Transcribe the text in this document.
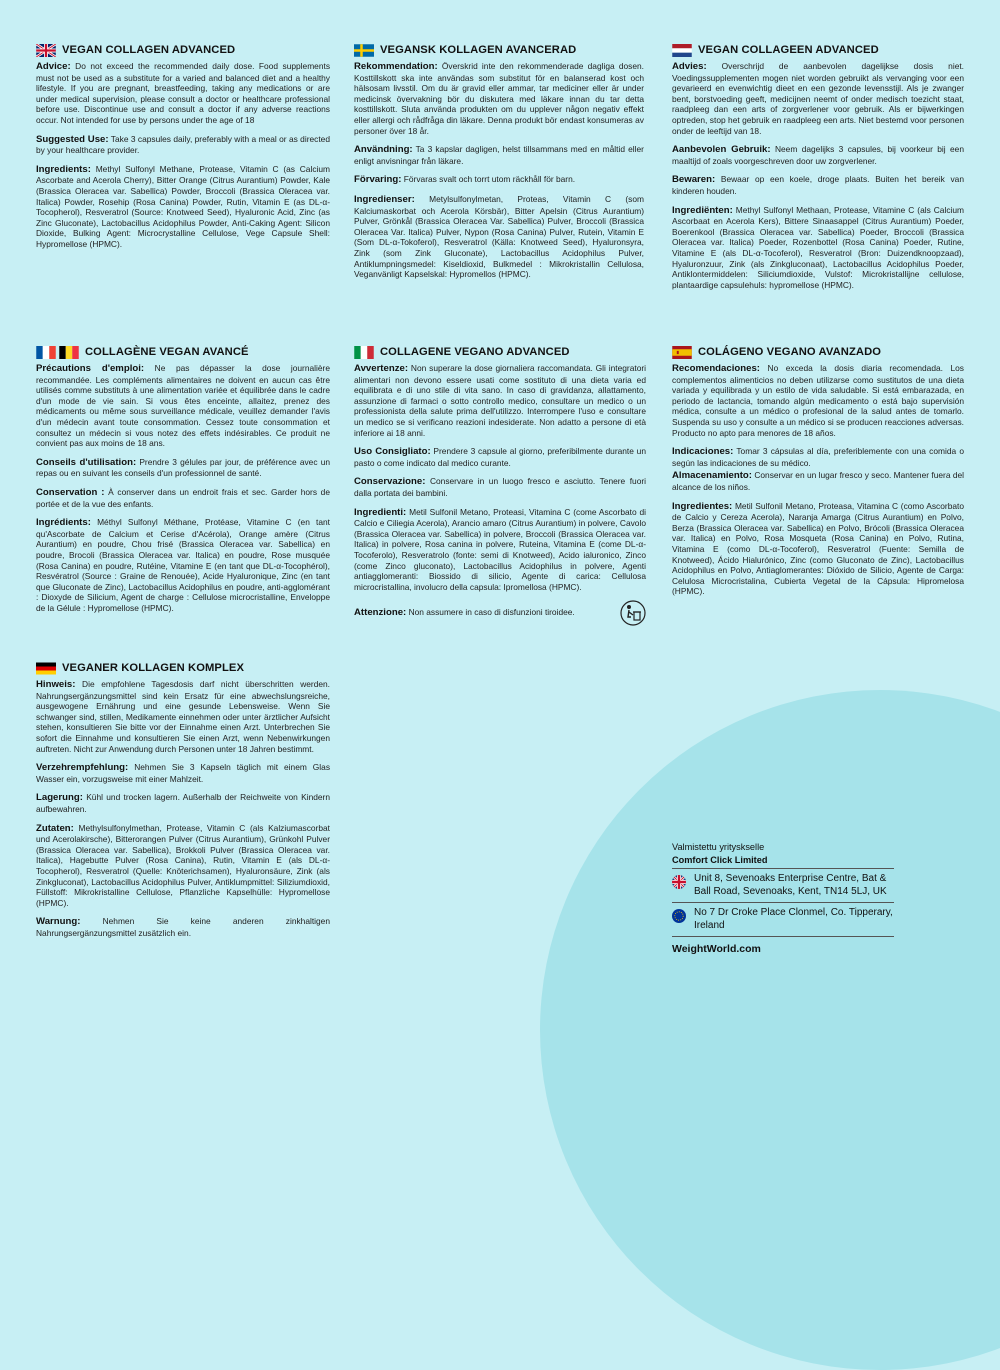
VEGAN COLLAGEN ADVANCED

Advice: Do not exceed the recommended daily dose. Food supplements must not be used as a substitute for a varied and balanced diet and a healthy lifestyle. If you are pregnant, breastfeeding, taking any medications or are under medical supervision, please consult a doctor or healthcare professional before use. Discontinue use and consult a doctor if any adverse reactions occur. Not intended for use by persons under the age of 18

Suggested Use: Take 3 capsules daily, preferably with a meal or as directed by your healthcare provider.

Ingredients: Methyl Sulfonyl Methane, Protease, Vitamin C (as Calcium Ascorbate and Acerola Cherry), Bitter Orange (Citrus Aurantium) Powder, Kale (Brassica Oleracea var. Sabellica) Powder, Broccoli (Brassica Oleracea var. Italica) Powder, Rosehip (Rosa Canina) Powder, Rutin, Vitamin E (as DL-α-Tocopherol), Resveratrol (Source: Knotweed Seed), Hyaluronic Acid, Zinc (as Zinc Gluconate), Lactobacillus Acidophilus Powder, Anti-Caking Agent: Silicon Dioxide, Bulking Agent: Microcrystalline Cellulose, Vege Capsule Shell: Hypromellose (HPMC).

VEGANSK KOLLAGEN AVANCERAD

Rekommendation: Överskrid inte den rekommenderade dagliga dosen. Kosttillskott ska inte användas som substitut för en balanserad kost och hälsosam livsstil. Om du är gravid eller ammar, tar mediciner eller är under medicinsk övervakning bör du diskutera med läkare innan du tar detta kosttillskott. Sluta använda produkten om du upplever någon negativ effekt eller allergi och rådfråga din läkare. Denna produkt bör endast konsumeras av personer över 18 år.

Användning: Ta 3 kapslar dagligen, helst tillsammans med en måltid eller enligt anvisningar från läkare.

Förvaring: Förvaras svalt och torrt utom räckhåll för barn.

Ingredienser: Metylsulfonylmetan, Proteas, Vitamin C (som Kalciumaskorbat och Acerola Körsbär), Bitter Apelsin (Citrus Aurantium) Pulver, Grönkål (Brassica Oleracea Var. Sabellica) Pulver, Broccoli (Brassica Oleracea Var. Italica) Pulver, Nypon (Rosa Canina) Pulver, Rutein, Vitamin E (Som DL-α-Tokoferol), Resveratrol (Källa: Knotweed Seed), Hyaluronsyra, Zink (som Zink Gluconate), Lactobacillus Acidophilus Pulver, Antiklumpningsmedel: Kiseldioxid, Bulkmedel : Mikrokristallin Cellulosa, Veganvänligt Kapselskal: Hypromellos (HPMC).

VEGAN COLLAGEEN ADVANCED

Advies: Overschrijd de aanbevolen dagelijkse dosis niet. Voedingssupplementen mogen niet worden gebruikt als vervanging voor een gevarieerd en evenwichtig dieet en een gezonde levensstijl. Als je zwanger bent, borstvoeding geeft, medicijnen neemt of onder medisch toezicht staat, raadpleeg dan een arts of zorgverlener voor gebruik. Als er bijwerkingen optreden, stop het gebruik en raadpleeg een arts. Niet bestemd voor personen onder de leeftijd van 18.

Aanbevolen Gebruik: Neem dagelijks 3 capsules, bij voorkeur bij een maaltijd of zoals voorgeschreven door uw zorgverlener.

Bewaren: Bewaar op een koele, droge plaats. Buiten het bereik van kinderen houden.

Ingrediënten: Methyl Sulfonyl Methaan, Protease, Vitamine C (als Calcium Ascorbaat en Acerola Kers), Bittere Sinaasappel (Citrus Aurantium) Poeder, Boerenkool (Brassica Oleracea var. Sabellica) Poeder, Broccoli (Brassica Oleracea var. Italica) Poeder, Rozenbottel (Rosa Canina) Poeder, Rutine, Vitamine E (als DL-α-Tocoferol), Resveratrol (Bron: Duizendknoopzaad), Hyaluronzuur, Zink (als Zinkgluconaat), Lactobacillus Acidophilus Poeder, Antiklontermiddelen: Siliciumdioxide, Vulstof: Microkristallijne cellulose, plantaardige capsulehuls: hypromellose (HPMC).

COLLAGÈNE VEGAN AVANCÉ

Précautions d'emploi: Ne pas dépasser la dose journalière recommandée. Les compléments alimentaires ne doivent en aucun cas être utilisés comme substituts à une alimentation variée et équilibrée dans le cadre d'un mode de vie sain. Si vous êtes enceinte, allaitez, prenez des médicaments ou même sous surveillance médicale, veuillez demander l'avis d'un médecin avant toute consommation. Cessez toute consommation et consultez un médecin si vous notez des effets indésirables. Ce produit ne convient pas aux moins de 18 ans.

Conseils d'utilisation: Prendre 3 gélules par jour, de préférence avec un repas ou en suivant les conseils d'un professionnel de santé.

Conservation : À conserver dans un endroit frais et sec. Garder hors de portée et de la vue des enfants.

Ingrédients: Méthyl Sulfonyl Méthane, Protéase, Vitamine C (en tant qu'Ascorbate de Calcium et Cerise d'Acérola), Orange amère (Citrus Aurantium) en poudre, Chou frisé (Brassica Oleracea var. Sabellica) en poudre, Brocoli (Brassica Oleracea var. Italica) en poudre, Rose musquée (Rosa Canina) en poudre, Rutéine, Vitamine E (en tant que DL-α-Tocophérol), Resvératrol (Source : Graine de Renouée), Acide Hyaluronique, Zinc (en tant que Gluconate de Zinc), Lactobacillus Acidophilus en poudre, anti-agglomérant : Dioxyde de Silicium, Agent de charge : Cellulose microcristalline, Enveloppe de la Gélule : Hypromellose (HPMC).

COLLAGENE VEGANO ADVANCED

Avvertenze: Non superare la dose giornaliera raccomandata. Gli integratori alimentari non devono essere usati come sostituto di una dieta varia ed equilibrata e di uno stile di vita sano. In caso di gravidanza, allattamento, assunzione di farmaci o sotto controllo medico, consultare un medico o un professionista della salute prima dell'utilizzo. Interrompere l'uso e consultare un medico se si verificano reazioni indesiderate. Non adatto a persone di età inferiore ai 18 anni.

Uso Consigliato: Prendere 3 capsule al giorno, preferibilmente durante un pasto o come indicato dal medico curante.

Conservazione: Conservare in un luogo fresco e asciutto. Tenere fuori dalla portata dei bambini.

Ingredienti: Metil Sulfonil Metano, Proteasi, Vitamina C (come Ascorbato di Calcio e Ciliegia Acerola), Arancio amaro (Citrus Aurantium) in polvere, Cavolo (Brassica Oleracea var. Sabellica) in polvere, Broccoli (Brassica Oleracea var. Italica) in polvere, Rosa canina in polvere, Ruteina, Vitamina E (come DL-α-Tocoferolo), Resveratrolo (fonte: semi di Knotweed), Acido ialuronico, Zinco (come Zinco gluconato), Lactobacillus Acidophilus in polvere, Agenti antiagglomeranti: Biossido di silicio, Agente di carica: Cellulosa microcristallina, involucro della capsula: Ipromellosa (HPMC).

Attenzione: Non assumere in caso di disfunzioni tiroidee.

COLÁGENO VEGANO AVANZADO

Recomendaciones: No exceda la dosis diaria recomendada. Los complementos alimenticios no deben utilizarse como sustitutos de una dieta variada y equilibrada y un estilo de vida saludable. Si está embarazada, en periodo de lactancia, tomando algún medicamento o está bajo supervisión médica, consulte a un médico o profesional de la salud antes de tomarlo. Suspenda su uso y consulte a un médico si se producen reacciones adversas. Producto no apto para menores de 18 años.

Indicaciones: Tomar 3 cápsulas al día, preferiblemente con una comida o según las indicaciones de su médico.

Almacenamiento: Conservar en un lugar fresco y seco. Mantener fuera del alcance de los niños.

Ingredientes: Metil Sulfonil Metano, Proteasa, Vitamina C (como Ascorbato de Calcio y Cereza Acerola), Naranja Amarga (Citrus Aurantium) en Polvo, Berza (Brassica Oleracea var. Sabellica) en Polvo, Brócoli (Brassica Oleracea var. Italica) en Polvo, Rosa Mosqueta (Rosa Canina) en Polvo, Rutina, Vitamina E (como DL-α-Tocoferol), Resveratrol (Fuente: Semilla de Knotweed), Ácido Hialurónico, Zinc (como Gluconato de Zinc), Lactobacillus Acidophilus en Polvo, Antiaglomerantes: Dióxido de Silicio, Agente de Carga: Celulosa Microcristalina, Cubierta Vegetal de la Cápsula: Hipromelosa (HPMC).

VEGANER KOLLAGEN KOMPLEX

Hinweis: Die empfohlene Tagesdosis darf nicht überschritten werden. Nahrungsergänzungsmittel sind kein Ersatz für eine abwechslungsreiche, ausgewogene Ernährung und eine gesunde Lebensweise. Wenn Sie schwanger sind, stillen, Medikamente einnehmen oder unter ärztlicher Aufsicht stehen, konsultieren Sie bitte vor der Einnahme einen Arzt. Unterbrechen Sie sofort die Einnahme und konsultieren Sie einen Arzt, wenn Nebenwirkungen auftreten. Nicht zur Anwendung durch Personen unter 18 Jahren bestimmt.

Verzehrempfehlung: Nehmen Sie 3 Kapseln täglich mit einem Glas Wasser ein, vorzugsweise mit einer Mahlzeit.

Lagerung: Kühl und trocken lagern. Außerhalb der Reichweite von Kindern aufbewahren.

Zutaten: Methylsulfonylmethan, Protease, Vitamin C (als Kalziumascorbat und Acerolakirsche), Bitterorangen Pulver (Citrus Aurantium), Grünkohl Pulver (Brassica Oleracea var. Sabellica), Brokkoli Pulver (Brassica Oleracea var. Italica), Hagebutte Pulver (Rosa Canina), Rutin, Vitamin E (als DL-α-Tocopherol), Resveratrol (Quelle: Knöterichsamen), Hyaluronsäure, Zink (als Zinkgluconat), Lactobacillus Acidophilus Pulver, Antiklumpmittel: Siliziumdioxid, Füllstoff: Mikrokristalline Cellulose, Pflanzliche Kapselhülle: Hypromellose (HPMC).

Warnung:	Nehmen Sie keine anderen zinkhaltigen Nahrungsergänzungsmittel zusätzlich ein.

Valmistettu yrityskselle
Comfort Click Limited
Unit 8, Sevenoaks Enterprise Centre, Bat & Ball Road, Sevenoaks, Kent, TN14 5LJ, UK
No 7 Dr Croke Place Clonmel, Co. Tipperary, Ireland
WeightWorld.com
